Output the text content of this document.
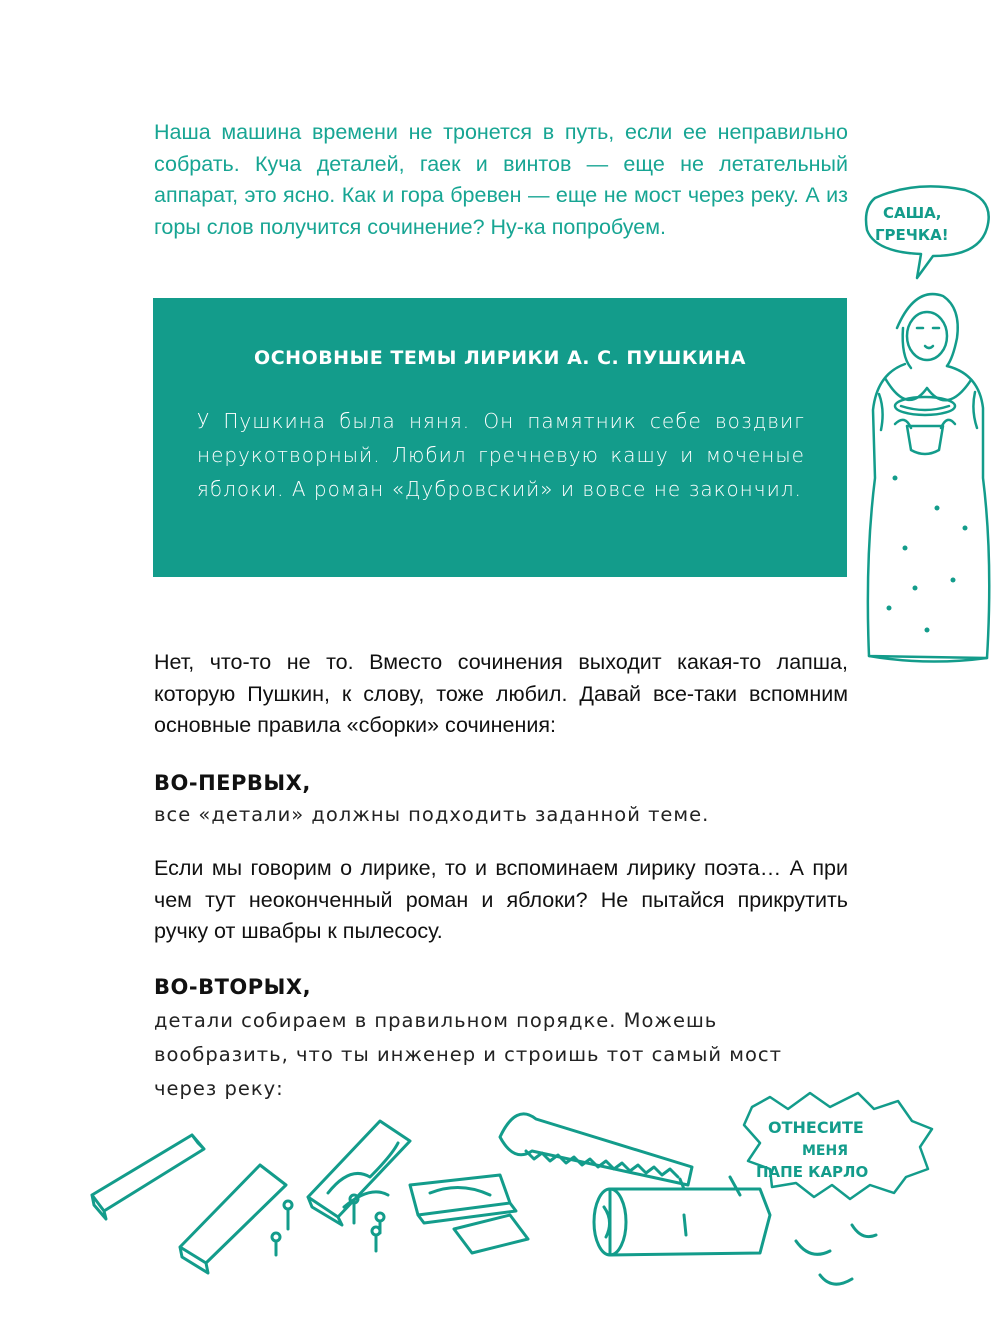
Наша машина времени не тронется в путь, если ее неправильно собрать. Куча деталей, гаек и винтов — еще не летательный аппарат, это ясно. Как и гора бревен — еще не мост через реку. А из горы слов получится сочинение? Ну-ка попробуем.

ОСНОВНЫЕ ТЕМЫ ЛИРИКИ А. С. ПУШКИНА

У Пушкина была няня. Он памятник себе воздвиг нерукотворный. Любил гречневую кашу и моченые яблоки. А роман «Дубровский» и вовсе не закончил.

Нет, что-то не то. Вместо сочинения выходит какая-то лапша, которую Пушкин, к слову, тоже любил. Давай все-таки вспомним основные правила «сборки» сочинения:

ВО-ПЕРВЫХ,

все «детали» должны подходить заданной теме.

Если мы говорим о лирике, то и вспоминаем лирику поэта… А при чем тут неоконченный роман и яблоки? Не пытайся прикрутить ручку от швабры к пылесосу.

ВО-ВТОРЫХ,

детали собираем в правильном порядке. Можешь вообразить, что ты инженер и строишь тот самый мост через реку:

САША,
ГРЕЧКА!
ОТНЕСИТЕ
МЕНЯ
ПАПЕ КАРЛО
